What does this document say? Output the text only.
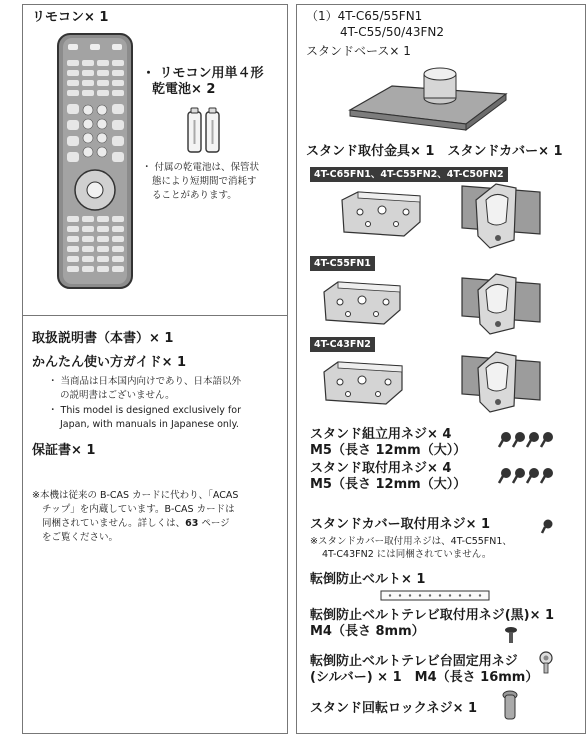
リモコン× 1
・ リモコン用単４形
乾電池× 2
・ 付属の乾電池は、保管状
態により短期間で消耗す
ることがあります。
取扱説明書（本書）× 1
かんたん使い方ガイド× 1
・ 当商品は日本国内向けであり、日本語以外
の説明書はございません。
・ This model is designed exclusively for
Japan, with manuals in Japanese only.
保証書× 1
※本機は従来の B-CAS カードに代わり、「ACAS
チップ」を内蔵しています。B-CAS カードは
同梱されていません。詳しくは、63 ページ
をご覧ください。
（1）4T-C65/55FN1
4T-C55/50/43FN2
スタンドベース× 1
スタンド取付金具× 1　スタンドカバー× 1
4T-C65FN1、4T-C55FN2、4T-C50FN2
4T-C55FN1
4T-C43FN2
スタンド組立用ネジ× 4
M5（長さ 12mm（大））
スタンド取付用ネジ× 4
M5（長さ 12mm（大））
スタンドカバー取付用ネジ× 1
※スタンドカバー取付用ネジは、4T-C55FN1、
4T-C43FN2 には同梱されていません。
転倒防止ベルト× 1
転倒防止ベルトテレビ取付用ネジ(黒)× 1
M4（長さ 8mm）
転倒防止ベルトテレビ台固定用ネジ
(シルバー) × 1　M4（長さ 16mm）
スタンド回転ロックネジ× 1
